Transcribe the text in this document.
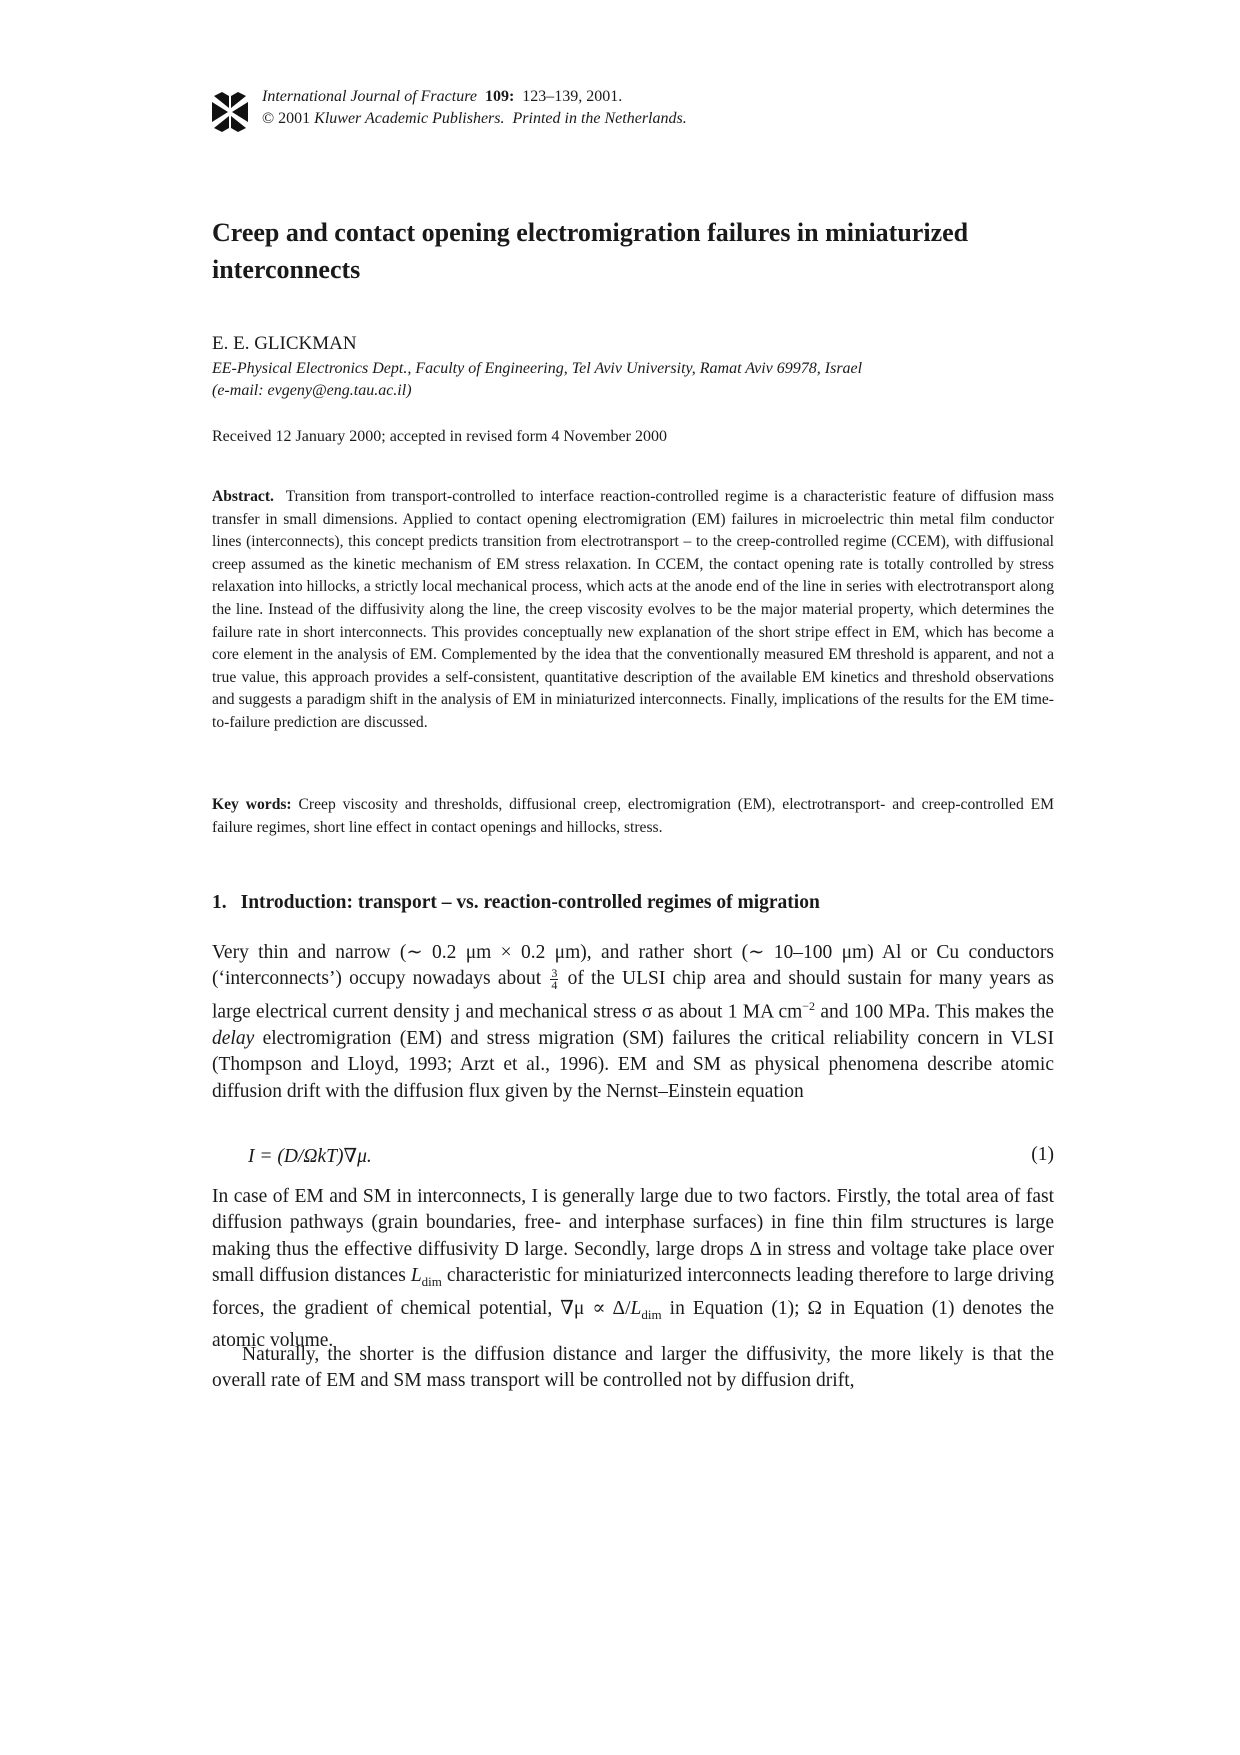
International Journal of Fracture 109: 123–139, 2001.
© 2001 Kluwer Academic Publishers. Printed in the Netherlands.
Creep and contact opening electromigration failures in miniaturized interconnects
E. E. GLICKMAN
EE-Physical Electronics Dept., Faculty of Engineering, Tel Aviv University, Ramat Aviv 69978, Israel
(e-mail: evgeny@eng.tau.ac.il)
Received 12 January 2000; accepted in revised form 4 November 2000

Abstract. Transition from transport-controlled to interface reaction-controlled regime is a characteristic feature of diffusion mass transfer in small dimensions. Applied to contact opening electromigration (EM) failures in microelectric thin metal film conductor lines (interconnects), this concept predicts transition from electrotransport – to the creep-controlled regime (CCEM), with diffusional creep assumed as the kinetic mechanism of EM stress relaxation. In CCEM, the contact opening rate is totally controlled by stress relaxation into hillocks, a strictly local mechanical process, which acts at the anode end of the line in series with electrotransport along the line. Instead of the diffusivity along the line, the creep viscosity evolves to be the major material property, which determines the failure rate in short interconnects. This provides conceptually new explanation of the short stripe effect in EM, which has become a core element in the analysis of EM. Complemented by the idea that the conventionally measured EM threshold is apparent, and not a true value, this approach provides a self-consistent, quantitative description of the available EM kinetics and threshold observations and suggests a paradigm shift in the analysis of EM in miniaturized interconnects. Finally, implications of the results for the EM time-to-failure prediction are discussed.

Key words: Creep viscosity and thresholds, diffusional creep, electromigration (EM), electrotransport- and creep-controlled EM failure regimes, short line effect in contact openings and hillocks, stress.

1. Introduction: transport – vs. reaction-controlled regimes of migration

Very thin and narrow (∼ 0.2 μm × 0.2 μm), and rather short (∼ 10–100 μm) Al or Cu conductors (‘interconnects’) occupy nowadays about $\frac{3}{4}$ of the ULSI chip area and should sustain for many years as large electrical current density j and mechanical stress σ as about 1 MA $cm^{-2}$ and 100 MPa. This makes the delay electromigration (EM) and stress migration (SM) failures the critical reliability concern in VLSI (Thompson and Lloyd, 1993; Arzt et al., 1996). EM and SM as physical phenomena describe atomic diffusion drift with the diffusion flux given by the Nernst–Einstein equation

I = (D/ΩkT)∇μ.	(1)

In case of EM and SM in interconnects, I is generally large due to two factors. Firstly, the total area of fast diffusion pathways (grain boundaries, free- and interphase surfaces) in fine thin film structures is large making thus the effective diffusivity D large. Secondly, large drops Δ in stress and voltage take place over small diffusion distances $L_{dim}$ characteristic for miniaturized interconnects leading therefore to large driving forces, the gradient of chemical potential, $\nabla\mu \propto \Delta/L_{dim}$ in Equation (1); Ω in Equation (1) denotes the atomic volume.

Naturally, the shorter is the diffusion distance and larger the diffusivity, the more likely is that the overall rate of EM and SM mass transport will be controlled not by diffusion drift,
